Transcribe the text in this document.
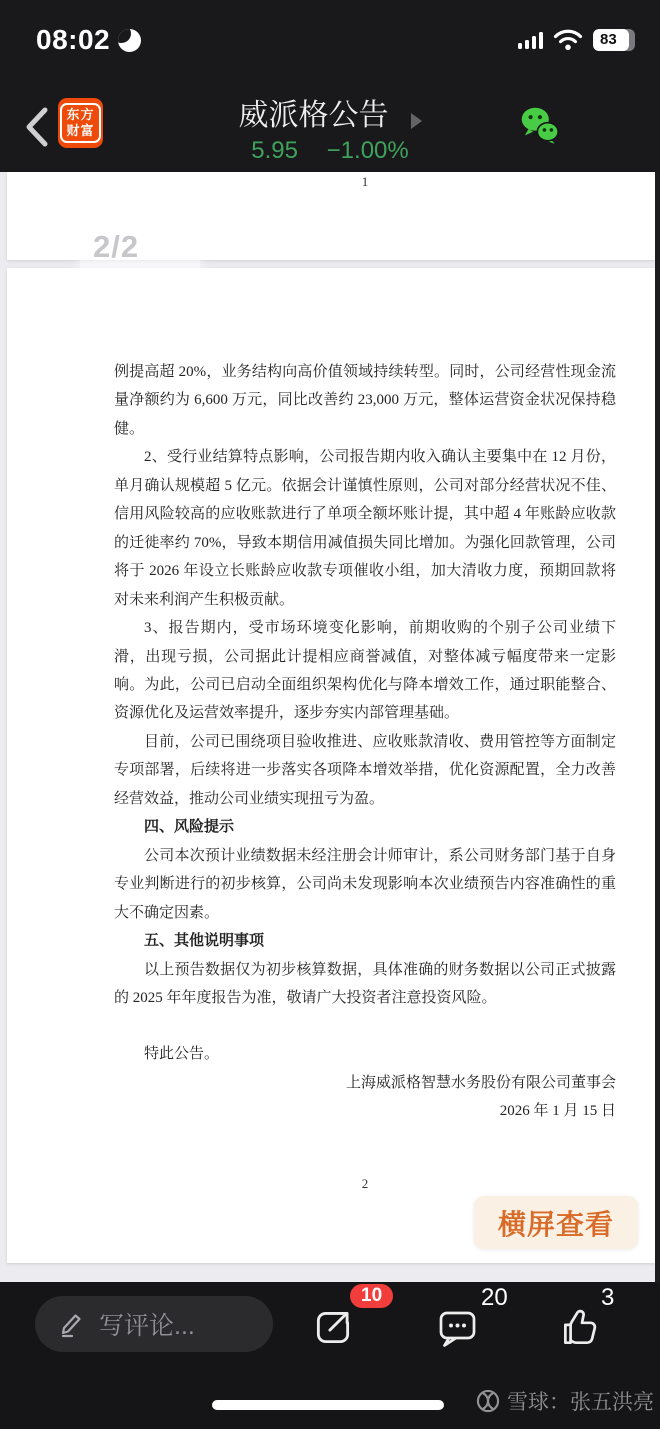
08:02	83
东方
财富	威派格公告
5.95 −1.00%
1
例提高超 20%，业务结构向高价值领域持续转型。同时，公司经营性现金流量净额约为 6,600 万元，同比改善约 23,000 万元，整体运营资金状况保持稳健。
2、受行业结算特点影响，公司报告期内收入确认主要集中在 12 月份，单月确认规模超 5 亿元。依据会计谨慎性原则，公司对部分经营状况不佳、信用风险较高的应收账款进行了单项全额坏账计提，其中超 4 年账龄应收款的迁徙率约 70%，导致本期信用减值损失同比增加。为强化回款管理，公司将于 2026 年设立长账龄应收款专项催收小组，加大清收力度，预期回款将对未来利润产生积极贡献。
3、报告期内，受市场环境变化影响，前期收购的个别子公司业绩下滑，出现亏损，公司据此计提相应商誉减值，对整体减亏幅度带来一定影响。为此，公司已启动全面组织架构优化与降本增效工作，通过职能整合、资源优化及运营效率提升，逐步夯实内部管理基础。
目前，公司已围绕项目验收推进、应收账款清收、费用管控等方面制定专项部署，后续将进一步落实各项降本增效举措，优化资源配置，全力改善经营效益，推动公司业绩实现扭亏为盈。
四、风险提示
公司本次预计业绩数据未经注册会计师审计，系公司财务部门基于自身专业判断进行的初步核算，公司尚未发现影响本次业绩预告内容准确性的重大不确定因素。
五、其他说明事项
以上预告数据仅为初步核算数据，具体准确的财务数据以公司正式披露的 2025 年年度报告为准，敬请广大投资者注意投资风险。
特此公告。
上海威派格智慧水务股份有限公司董事会
2026 年 1 月 15 日
2
2/2
横屏查看
写评论...
10	20	3
雪球：张五洪亮
